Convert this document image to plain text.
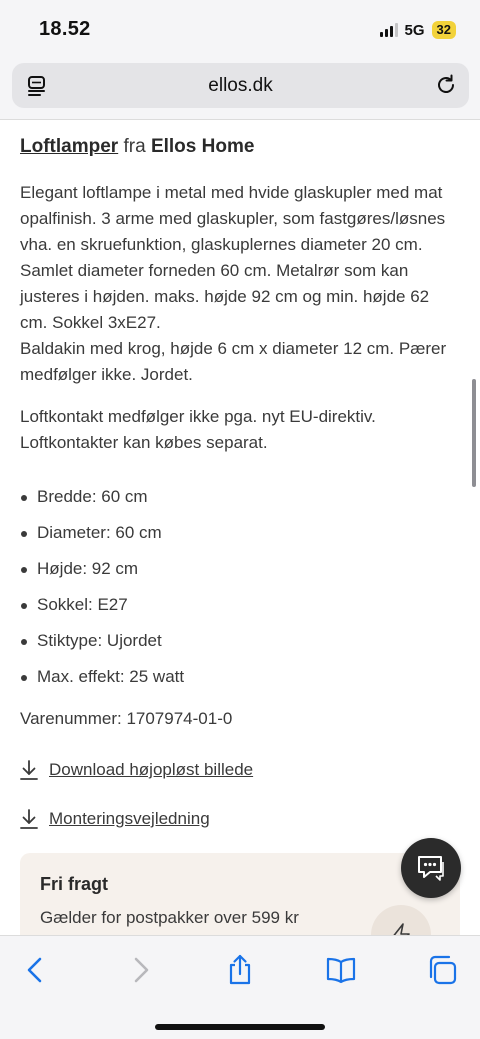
18.52	5G 32
ellos.dk
Loftlamper fra Ellos Home

Elegant loftlampe i metal med hvide glaskupler med mat opalfinish. 3 arme med glaskupler, som fastgøres/løsnes vha. en skruefunktion, glaskuplernes diameter 20 cm. Samlet diameter forneden 60 cm. Metalrør som kan justeres i højden. maks. højde 92 cm og min. højde 62 cm. Sokkel 3xE27.

Baldakin med krog, højde 6 cm x diameter 12 cm. Pærer medfølger ikke. Jordet.

Loftkontakt medfølger ikke pga. nyt EU-direktiv. Loftkontakter kan købes separat.
Bredde: 60 cm
Diameter: 60 cm
Højde: 92 cm
Sokkel: E27
Stiktype: Ujordet
Max. effekt: 25 watt
Varenummer: 1707974-01-0
Download højopløst billede
Monteringsvejledning
Fri fragt
Gælder for postpakker over 599 kr
